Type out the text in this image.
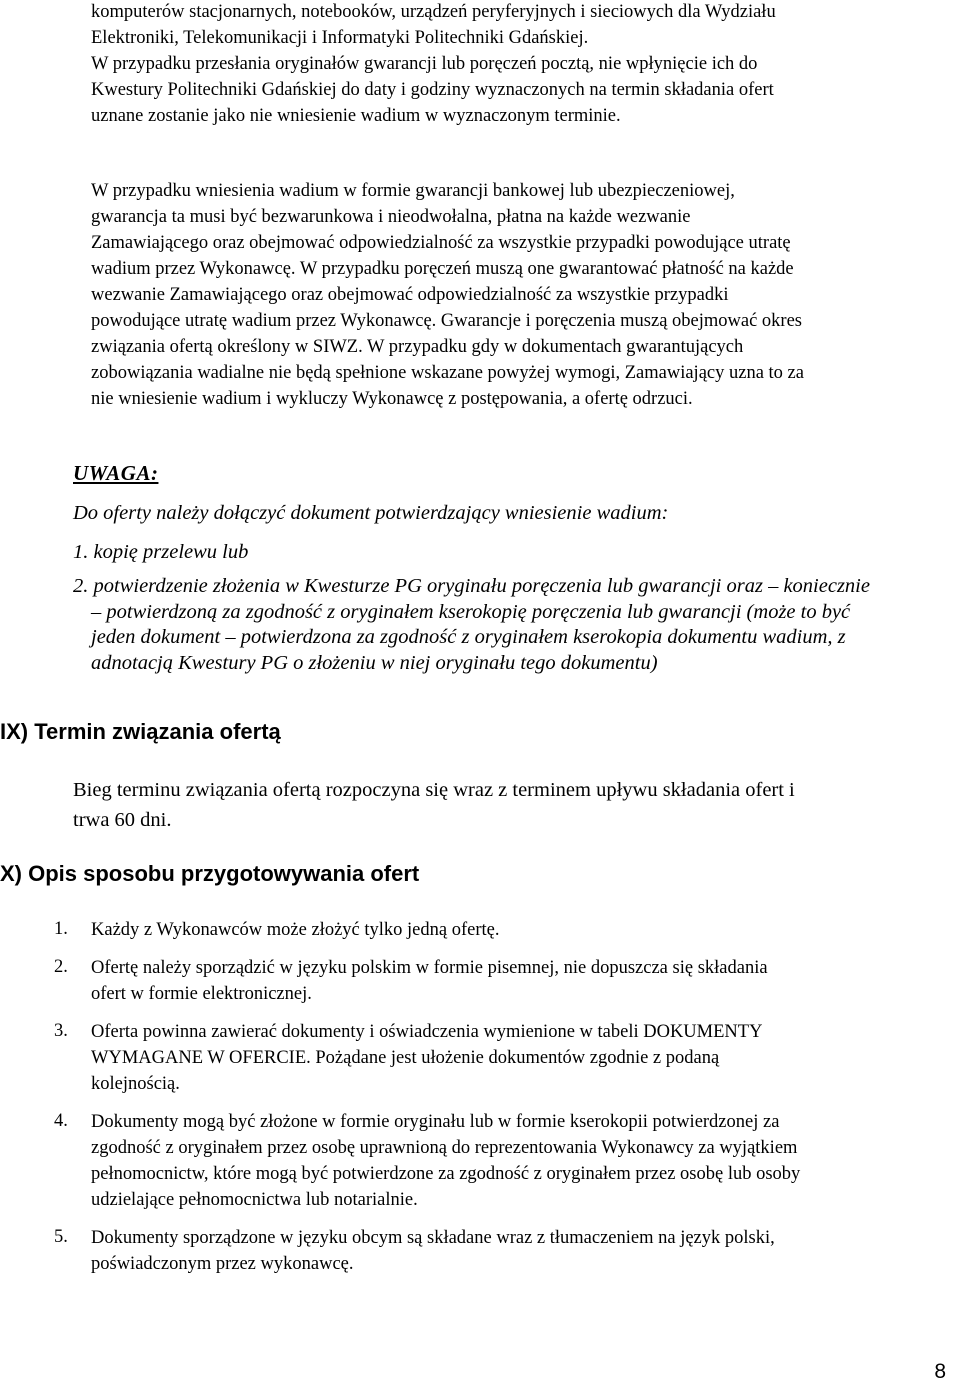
komputerów stacjonarnych, notebooków, urządzeń peryferyjnych i sieciowych dla Wydziału
Elektroniki, Telekomunikacji i Informatyki Politechniki Gdańskiej.
W przypadku przesłania oryginałów gwarancji lub poręczeń pocztą, nie wpłynięcie ich do
Kwestury Politechniki Gdańskiej do daty i godziny wyznaczonych na termin składania ofert
uznane zostanie jako nie wniesienie wadium w wyznaczonym terminie.
W przypadku wniesienia wadium w formie gwarancji bankowej lub ubezpieczeniowej,
gwarancja ta musi być bezwarunkowa i nieodwołalna, płatna na każde wezwanie
Zamawiającego oraz obejmować odpowiedzialność za wszystkie przypadki powodujące utratę
wadium przez Wykonawcę. W przypadku poręczeń muszą one gwarantować płatność na każde
wezwanie Zamawiającego oraz obejmować odpowiedzialność za wszystkie przypadki
powodujące utratę wadium przez Wykonawcę. Gwarancje i poręczenia muszą obejmować okres
związania ofertą określony w SIWZ. W przypadku gdy w dokumentach gwarantujących
zobowiązania wadialne nie będą spełnione wskazane powyżej wymogi, Zamawiający uzna to za
nie wniesienie wadium i wykluczy Wykonawcę z postępowania, a ofertę odrzuci.
UWAGA:
Do oferty należy dołączyć dokument potwierdzający wniesienie wadium:
1. kopię przelewu lub
2. potwierdzenie złożenia w Kwesturze PG oryginału poręczenia lub gwarancji oraz – koniecznie
– potwierdzoną za zgodność z oryginałem kserokopię poręczenia lub gwarancji (może to być
jeden dokument – potwierdzona za zgodność z oryginałem kserokopia dokumentu wadium, z
adnotacją Kwestury PG o złożeniu w niej oryginału tego dokumentu)
IX) Termin związania ofertą
Bieg terminu związania ofertą rozpoczyna się wraz z terminem upływu składania ofert i
trwa 60 dni.
X) Opis sposobu przygotowywania ofert
1. Każdy z Wykonawców może złożyć tylko jedną ofertę.
2. Ofertę należy sporządzić w języku polskim w formie pisemnej, nie dopuszcza się składania
ofert w formie elektronicznej.
3. Oferta powinna zawierać dokumenty i oświadczenia wymienione w tabeli DOKUMENTY
WYMAGANE W OFERCIE. Pożądane jest ułożenie dokumentów zgodnie z podaną
kolejnością.
4. Dokumenty mogą być złożone w formie oryginału lub w formie kserokopii potwierdzonej za
zgodność z oryginałem przez osobę uprawnioną do reprezentowania Wykonawcy za wyjątkiem
pełnomocnictw, które mogą być potwierdzone za zgodność z oryginałem przez osobę lub osoby
udzielające pełnomocnictwa lub notarialnie.
5. Dokumenty sporządzone w języku obcym są składane wraz z tłumaczeniem na język polski,
poświadczonym przez wykonawcę.
8
